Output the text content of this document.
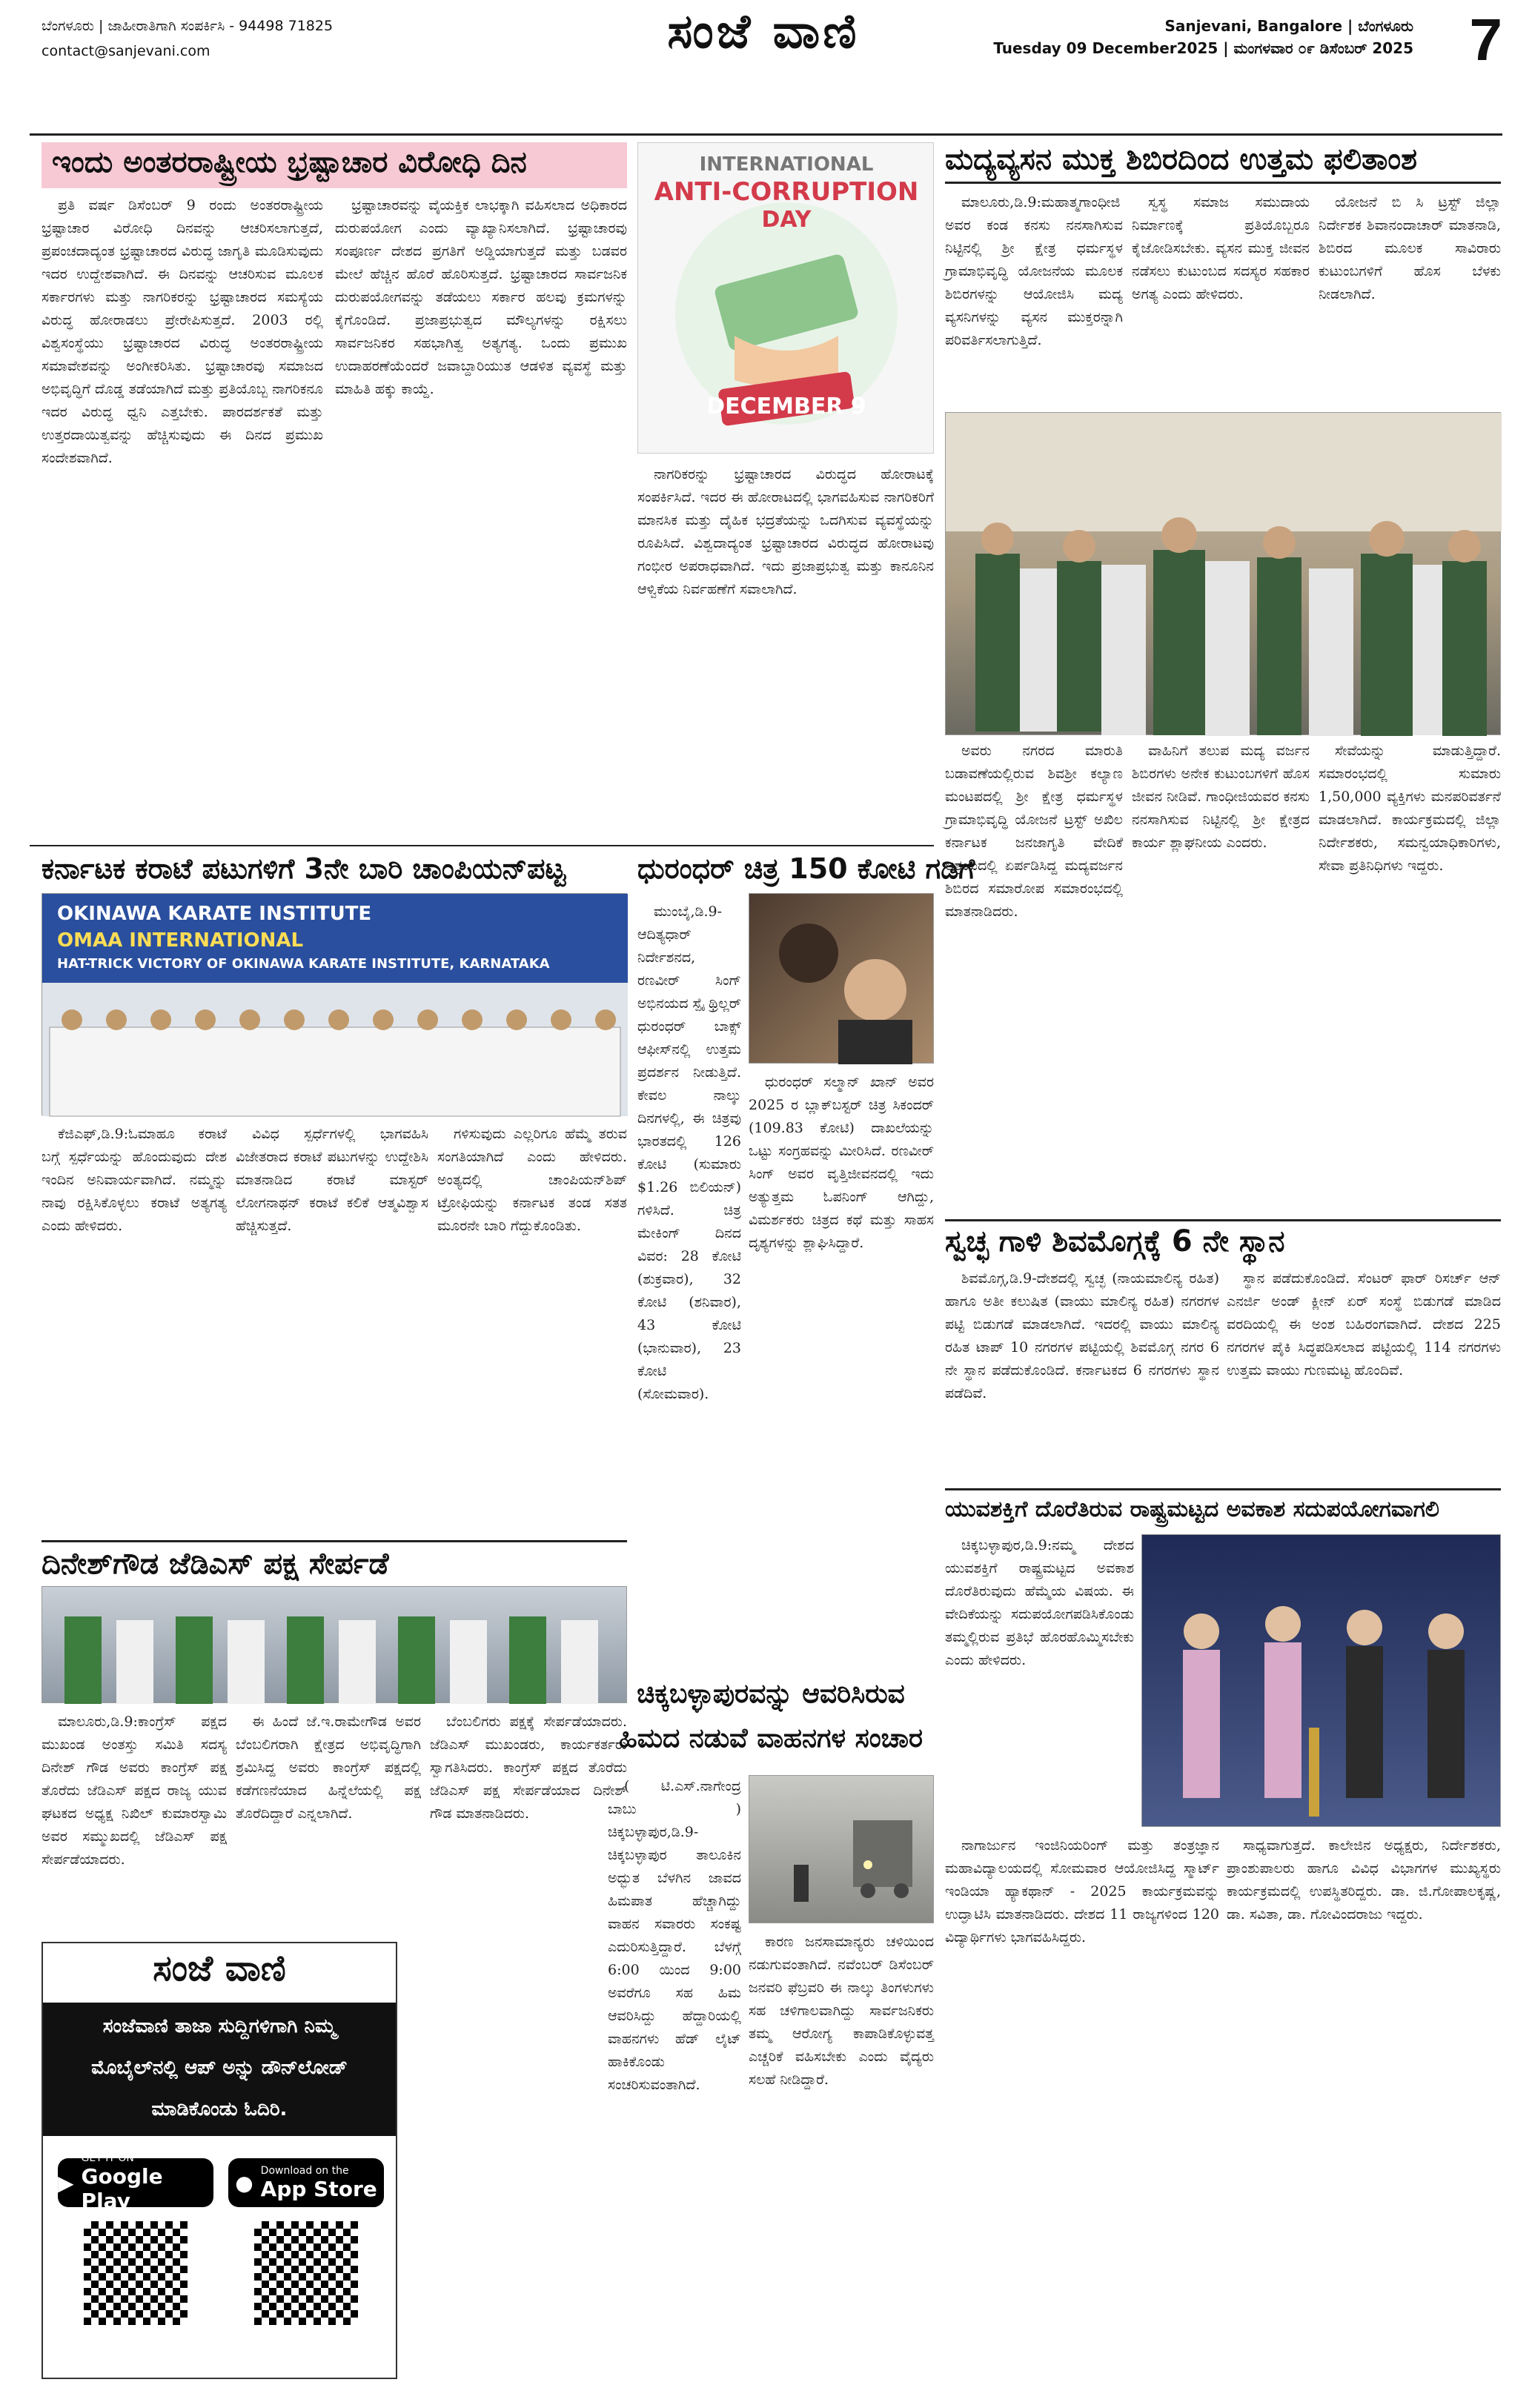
ಬೆಂಗಳೂರು | ಜಾಹೀರಾತಿಗಾಗಿ ಸಂಪರ್ಕಿಸಿ - 94498 71825
contact@sanjevani.com	ಸಂಜೆ ವಾಣಿ	Sanjevani, Bangalore | ಬೆಂಗಳೂರು
Tuesday 09 December2025 | ಮಂಗಳವಾರ ೦೯ ಡಿಸೆಂಬರ್ 2025 7
ಇಂದು ಅಂತರರಾಷ್ಟ್ರೀಯ ಭ್ರಷ್ಟಾಚಾರ ವಿರೋಧಿ ದಿನ	INTERNATIONAL
ANTI-CORRUPTION
DAY
DECEMBER 9

ಪ್ರತಿ ವರ್ಷ ಡಿಸೆಂಬರ್ 9 ರಂದು ಅಂತರರಾಷ್ಟ್ರೀಯ ಭ್ರಷ್ಟಾಚಾರ ವಿರೋಧಿ ದಿನವನ್ನು ಆಚರಿಸಲಾಗುತ್ತದೆ, ಪ್ರಪಂಚದಾದ್ಯಂತ ಭ್ರಷ್ಟಾಚಾರದ ವಿರುದ್ಧ ಜಾಗೃತಿ ಮೂಡಿಸುವುದು ಇದರ ಉದ್ದೇಶವಾಗಿದೆ. ಈ ದಿನವನ್ನು ಆಚರಿಸುವ ಮೂಲಕ ಸರ್ಕಾರಗಳು ಮತ್ತು ನಾಗರಿಕರನ್ನು ಭ್ರಷ್ಟಾಚಾರದ ಸಮಸ್ಯೆಯ ವಿರುದ್ಧ ಹೋರಾಡಲು ಪ್ರೇರೇಪಿಸುತ್ತದೆ. 2003 ರಲ್ಲಿ ವಿಶ್ವಸಂಸ್ಥೆಯು ಭ್ರಷ್ಟಾಚಾರದ ವಿರುದ್ಧ ಅಂತರರಾಷ್ಟ್ರೀಯ ಸಮಾವೇಶವನ್ನು ಅಂಗೀಕರಿಸಿತು. ಭ್ರಷ್ಟಾಚಾರವು ಸಮಾಜದ ಅಭಿವೃದ್ಧಿಗೆ ದೊಡ್ಡ ತಡೆಯಾಗಿದೆ ಮತ್ತು ಪ್ರತಿಯೊಬ್ಬ ನಾಗರಿಕನೂ ಇದರ ವಿರುದ್ಧ ಧ್ವನಿ ಎತ್ತಬೇಕು. ಪಾರದರ್ಶಕತೆ ಮತ್ತು ಉತ್ತರದಾಯಿತ್ವವನ್ನು ಹೆಚ್ಚಿಸುವುದು ಈ ದಿನದ ಪ್ರಮುಖ ಸಂದೇಶವಾಗಿದೆ.

ಭ್ರಷ್ಟಾಚಾರವನ್ನು ವೈಯಕ್ತಿಕ ಲಾಭಕ್ಕಾಗಿ ವಹಿಸಲಾದ ಅಧಿಕಾರದ ದುರುಪಯೋಗ ಎಂದು ವ್ಯಾಖ್ಯಾನಿಸಲಾಗಿದೆ. ಭ್ರಷ್ಟಾಚಾರವು ಸಂಪೂರ್ಣ ದೇಶದ ಪ್ರಗತಿಗೆ ಅಡ್ಡಿಯಾಗುತ್ತದೆ ಮತ್ತು ಬಡವರ ಮೇಲೆ ಹೆಚ್ಚಿನ ಹೊರೆ ಹೊರಿಸುತ್ತದೆ. ಭ್ರಷ್ಟಾಚಾರದ ಸಾರ್ವಜನಿಕ ದುರುಪಯೋಗವನ್ನು ತಡೆಯಲು ಸರ್ಕಾರ ಹಲವು ಕ್ರಮಗಳನ್ನು ಕೈಗೊಂಡಿದೆ. ಪ್ರಜಾಪ್ರಭುತ್ವದ ಮೌಲ್ಯಗಳನ್ನು ರಕ್ಷಿಸಲು ಸಾರ್ವಜನಿಕರ ಸಹಭಾಗಿತ್ವ ಅತ್ಯಗತ್ಯ. ಒಂದು ಪ್ರಮುಖ ಉದಾಹರಣೆಯೆಂದರೆ ಜವಾಬ್ದಾರಿಯುತ ಆಡಳಿತ ವ್ಯವಸ್ಥೆ ಮತ್ತು ಮಾಹಿತಿ ಹಕ್ಕು ಕಾಯ್ದೆ.

ನಾಗರಿಕರನ್ನು ಭ್ರಷ್ಟಾಚಾರದ ವಿರುದ್ಧದ ಹೋರಾಟಕ್ಕೆ ಸಂಪರ್ಕಿಸಿದೆ. ಇದರ ಈ ಹೋರಾಟದಲ್ಲಿ ಭಾಗವಹಿಸುವ ನಾಗರಿಕರಿಗೆ ಮಾನಸಿಕ ಮತ್ತು ದೈಹಿಕ ಭದ್ರತೆಯನ್ನು ಒದಗಿಸುವ ವ್ಯವಸ್ಥೆಯನ್ನು ರೂಪಿಸಿದೆ. ವಿಶ್ವದಾದ್ಯಂತ ಭ್ರಷ್ಟಾಚಾರದ ವಿರುದ್ಧದ ಹೋರಾಟವು ಗಂಭೀರ ಅಪರಾಧವಾಗಿದೆ. ಇದು ಪ್ರಜಾಪ್ರಭುತ್ವ ಮತ್ತು ಕಾನೂನಿನ ಆಳ್ವಿಕೆಯ ನಿರ್ವಹಣೆಗೆ ಸವಾಲಾಗಿದೆ.

ಮದ್ಯವ್ಯಸನ ಮುಕ್ತ ಶಿಬಿರದಿಂದ ಉತ್ತಮ ಫಲಿತಾಂಶ

ಮಾಲೂರು,ಡಿ.9:ಮಹಾತ್ಮಗಾಂಧೀಜಿ ಅವರ ಕಂಡ ಕನಸು ನನಸಾಗಿಸುವ ನಿಟ್ಟಿನಲ್ಲಿ ಶ್ರೀ ಕ್ಷೇತ್ರ ಧರ್ಮಸ್ಥಳ ಗ್ರಾಮಾಭಿವೃದ್ಧಿ ಯೋಜನೆಯ ಮೂಲಕ ಶಿಬಿರಗಳನ್ನು ಆಯೋಜಿಸಿ ಮದ್ಯ ವ್ಯಸನಿಗಳನ್ನು ವ್ಯಸನ ಮುಕ್ತರನ್ನಾಗಿ ಪರಿವರ್ತಿಸಲಾಗುತ್ತಿದೆ.

ಸ್ವಸ್ಥ ಸಮಾಜ ಸಮುದಾಯ ನಿರ್ಮಾಣಕ್ಕೆ ಪ್ರತಿಯೊಬ್ಬರೂ ಕೈಜೋಡಿಸಬೇಕು. ವ್ಯಸನ ಮುಕ್ತ ಜೀವನ ನಡೆಸಲು ಕುಟುಂಬದ ಸದಸ್ಯರ ಸಹಕಾರ ಅಗತ್ಯ ಎಂದು ಹೇಳಿದರು.

ಯೋಜನೆ ಬಿ ಸಿ ಟ್ರಸ್ಟ್ ಜಿಲ್ಲಾ ನಿರ್ದೇಶಕ ಶಿವಾನಂದಾಚಾರ್ ಮಾತನಾಡಿ, ಶಿಬಿರದ ಮೂಲಕ ಸಾವಿರಾರು ಕುಟುಂಬಗಳಿಗೆ ಹೊಸ ಬೆಳಕು ನೀಡಲಾಗಿದೆ.

ಅವರು ನಗರದ ಮಾರುತಿ ಬಡಾವಣೆಯಲ್ಲಿರುವ ಶಿವಶ್ರೀ ಕಲ್ಯಾಣ ಮಂಟಪದಲ್ಲಿ ಶ್ರೀ ಕ್ಷೇತ್ರ ಧರ್ಮಸ್ಥಳ ಗ್ರಾಮಾಭಿವೃದ್ಧಿ ಯೋಜನೆ ಟ್ರಸ್ಟ್ ಅಖಿಲ ಕರ್ನಾಟಕ ಜನಜಾಗೃತಿ ವೇದಿಕೆ ಆಶ್ರಯದಲ್ಲಿ ಏರ್ಪಡಿಸಿದ್ದ ಮದ್ಯವರ್ಜನ ಶಿಬಿರದ ಸಮಾರೋಪ ಸಮಾರಂಭದಲ್ಲಿ ಮಾತನಾಡಿದರು.

ವಾಹಿನಿಗೆ ತಲುಪ ಮದ್ಯ ವರ್ಜನ ಶಿಬಿರಗಳು ಅನೇಕ ಕುಟುಂಬಗಳಿಗೆ ಹೊಸ ಜೀವನ ನೀಡಿವೆ. ಗಾಂಧೀಜಿಯವರ ಕನಸು ನನಸಾಗಿಸುವ ನಿಟ್ಟಿನಲ್ಲಿ ಶ್ರೀ ಕ್ಷೇತ್ರದ ಕಾರ್ಯ ಶ್ಲಾಘನೀಯ ಎಂದರು.

ಸೇವೆಯನ್ನು ಮಾಡುತ್ತಿದ್ದಾರೆ. ಸಮಾರಂಭದಲ್ಲಿ ಸುಮಾರು 1,50,000 ವ್ಯಕ್ತಿಗಳು ಮನಪರಿವರ್ತನೆ ಮಾಡಲಾಗಿದೆ. ಕಾರ್ಯಕ್ರಮದಲ್ಲಿ ಜಿಲ್ಲಾ ನಿರ್ದೇಶಕರು, ಸಮನ್ವಯಾಧಿಕಾರಿಗಳು, ಸೇವಾ ಪ್ರತಿನಿಧಿಗಳು ಇದ್ದರು.

ಕರ್ನಾಟಕ ಕರಾಟೆ ಪಟುಗಳಿಗೆ 3ನೇ ಬಾರಿ ಚಾಂಪಿಯನ್‌ಪಟ್ಟ
OKINAWA KARATE INSTITUTE
OMAA INTERNATIONAL
HAT-TRICK VICTORY OF OKINAWA KARATE INSTITUTE, KARNATAKA

ಕೆಜಿಎಫ್,ಡಿ.9:ಓಮಾಹೂ ಕರಾಟೆ ಬಗ್ಗೆ ಸ್ಪರ್ಧೆಯನ್ನು ಹೊಂದುವುದು ದೇಶ ಇಂದಿನ ಅನಿವಾರ್ಯವಾಗಿದೆ. ನಮ್ಮನ್ನು ನಾವು ರಕ್ಷಿಸಿಕೊಳ್ಳಲು ಕರಾಟೆ ಅತ್ಯಗತ್ಯ ಎಂದು ಹೇಳಿದರು.

ವಿವಿಧ ಸ್ಪರ್ಧೆಗಳಲ್ಲಿ ಭಾಗವಹಿಸಿ ವಿಜೇತರಾದ ಕರಾಟೆ ಪಟುಗಳನ್ನು ಉದ್ದೇಶಿಸಿ ಮಾತನಾಡಿದ ಕರಾಟೆ ಮಾಸ್ಟರ್ ಲೋಗನಾಥನ್ ಕರಾಟೆ ಕಲಿಕೆ ಆತ್ಮವಿಶ್ವಾಸ ಹೆಚ್ಚಿಸುತ್ತದೆ.

ಗಳಿಸುವುದು ಎಲ್ಲರಿಗೂ ಹೆಮ್ಮೆ ತರುವ ಸಂಗತಿಯಾಗಿದೆ ಎಂದು ಹೇಳಿದರು. ಅಂತ್ಯದಲ್ಲಿ ಚಾಂಪಿಯನ್‌ಶಿಪ್ ಟ್ರೋಫಿಯನ್ನು ಕರ್ನಾಟಕ ತಂಡ ಸತತ ಮೂರನೇ ಬಾರಿ ಗೆದ್ದುಕೊಂಡಿತು.

ಧುರಂಧರ್ ಚಿತ್ರ 150 ಕೋಟಿ ಗಡಿಗೆ

ಮುಂಬೈ,ಡಿ.9-ಆದಿತ್ಯಧಾರ್ ನಿರ್ದೇಶನದ, ರಣವೀರ್ ಸಿಂಗ್ ಅಭಿನಯದ ಸ್ಪೈ ಥ್ರಿಲ್ಲರ್ ಧುರಂಧರ್ ಬಾಕ್ಸ್ ಆಫೀಸ್‌ನಲ್ಲಿ ಉತ್ತಮ ಪ್ರದರ್ಶನ ನೀಡುತ್ತಿದೆ. ಕೇವಲ ನಾಲ್ಕು ದಿನಗಳಲ್ಲಿ, ಈ ಚಿತ್ರವು ಭಾರತದಲ್ಲಿ 126 ಕೋಟಿ (ಸುಮಾರು $1.26 ಬಿಲಿಯನ್) ಗಳಿಸಿದೆ. ಚಿತ್ರ ಮೇಕಿಂಗ್ ದಿನದ ವಿವರ: 28 ಕೋಟಿ (ಶುಕ್ರವಾರ), 32 ಕೋಟಿ (ಶನಿವಾರ), 43 ಕೋಟಿ (ಭಾನುವಾರ), 23 ಕೋಟಿ (ಸೋಮವಾರ).

ಧುರಂಧರ್ ಸಲ್ಮಾನ್ ಖಾನ್ ಅವರ 2025 ರ ಬ್ಲಾಕ್‌ಬಸ್ಟರ್ ಚಿತ್ರ ಸಿಕಂದರ್ (109.83 ಕೋಟಿ) ದಾಖಲೆಯನ್ನು ಒಟ್ಟು ಸಂಗ್ರಹವನ್ನು ಮೀರಿಸಿದೆ. ರಣವೀರ್ ಸಿಂಗ್ ಅವರ ವೃತ್ತಿಜೀವನದಲ್ಲಿ ಇದು ಅತ್ಯುತ್ತಮ ಓಪನಿಂಗ್ ಆಗಿದ್ದು, ವಿಮರ್ಶಕರು ಚಿತ್ರದ ಕಥೆ ಮತ್ತು ಸಾಹಸ ದೃಶ್ಯಗಳನ್ನು ಶ್ಲಾಘಿಸಿದ್ದಾರೆ.	ಸ್ವಚ್ಛ ಗಾಳಿ ಶಿವಮೊಗ್ಗಕ್ಕೆ 6 ನೇ ಸ್ಥಾನ

ಶಿವಮೊಗ್ಗ,ಡಿ.9-ದೇಶದಲ್ಲಿ ಸ್ವಚ್ಛ (ನಾಯಮಾಲಿನ್ಯ ರಹಿತ) ಹಾಗೂ ಅತೀ ಕಲುಷಿತ (ವಾಯು ಮಾಲಿನ್ಯ ರಹಿತ) ನಗರಗಳ ಪಟ್ಟಿ ಬಿಡುಗಡೆ ಮಾಡಲಾಗಿದೆ. ಇದರಲ್ಲಿ ವಾಯು ಮಾಲಿನ್ಯ ರಹಿತ ಟಾಪ್ 10 ನಗರಗಳ ಪಟ್ಟಿಯಲ್ಲಿ ಶಿವಮೊಗ್ಗ ನಗರ 6 ನೇ ಸ್ಥಾನ ಪಡೆದುಕೊಂಡಿದೆ. ಕರ್ನಾಟಕದ 6 ನಗರಗಳು ಸ್ಥಾನ ಪಡೆದಿವೆ.

ಸ್ಥಾನ ಪಡೆದುಕೊಂಡಿದೆ. ಸೆಂಟರ್ ಫಾರ್ ರಿಸರ್ಚ್ ಆನ್ ಎನರ್ಜಿ ಅಂಡ್ ಕ್ಲೀನ್ ಏರ್ ಸಂಸ್ಥೆ ಬಿಡುಗಡೆ ಮಾಡಿದ ವರದಿಯಲ್ಲಿ ಈ ಅಂಶ ಬಹಿರಂಗವಾಗಿದೆ. ದೇಶದ 225 ನಗರಗಳ ಪೈಕಿ ಸಿದ್ಧಪಡಿಸಲಾದ ಪಟ್ಟಿಯಲ್ಲಿ 114 ನಗರಗಳು ಉತ್ತಮ ವಾಯು ಗುಣಮಟ್ಟ ಹೊಂದಿವೆ.

ಯುವಶಕ್ತಿಗೆ ದೊರೆತಿರುವ ರಾಷ್ಟ್ರಮಟ್ಟದ ಅವಕಾಶ ಸದುಪಯೋಗವಾಗಲಿ

ಚಿಕ್ಕಬಳ್ಳಾಪುರ,ಡಿ.9:ನಮ್ಮ ದೇಶದ ಯುವಶಕ್ತಿಗೆ ರಾಷ್ಟ್ರಮಟ್ಟದ ಅವಕಾಶ ದೊರೆತಿರುವುದು ಹೆಮ್ಮೆಯ ವಿಷಯ. ಈ ವೇದಿಕೆಯನ್ನು ಸದುಪಯೋಗಪಡಿಸಿಕೊಂಡು ತಮ್ಮಲ್ಲಿರುವ ಪ್ರತಿಭೆ ಹೊರಹೊಮ್ಮಿಸಬೇಕು ಎಂದು ಹೇಳಿದರು.

ನಾಗಾರ್ಜುನ ಇಂಜಿನಿಯರಿಂಗ್ ಮತ್ತು ತಂತ್ರಜ್ಞಾನ ಮಹಾವಿದ್ಯಾಲಯದಲ್ಲಿ ಸೋಮವಾರ ಆಯೋಜಿಸಿದ್ದ ಸ್ಮಾರ್ಟ್ ಇಂಡಿಯಾ ಹ್ಯಾಕಥಾನ್ - 2025 ಕಾರ್ಯಕ್ರಮವನ್ನು ಉದ್ಘಾಟಿಸಿ ಮಾತನಾಡಿದರು. ದೇಶದ 11 ರಾಜ್ಯಗಳಿಂದ 120 ವಿದ್ಯಾರ್ಥಿಗಳು ಭಾಗವಹಿಸಿದ್ದರು.

ಸಾಧ್ಯವಾಗುತ್ತದೆ. ಕಾಲೇಜಿನ ಅಧ್ಯಕ್ಷರು, ನಿರ್ದೇಶಕರು, ಪ್ರಾಂಶುಪಾಲರು ಹಾಗೂ ವಿವಿಧ ವಿಭಾಗಗಳ ಮುಖ್ಯಸ್ಥರು ಕಾರ್ಯಕ್ರಮದಲ್ಲಿ ಉಪಸ್ಥಿತರಿದ್ದರು. ಡಾ. ಜಿ.ಗೋಪಾಲಕೃಷ್ಣ, ಡಾ. ಸವಿತಾ, ಡಾ. ಗೋವಿಂದರಾಜು ಇದ್ದರು.

ದಿನೇಶ್‌ಗೌಡ ಜೆಡಿಎಸ್ ಪಕ್ಷ ಸೇರ್ಪಡೆ

ಮಾಲೂರು,ಡಿ.9:ಕಾಂಗ್ರೆಸ್ ಪಕ್ಷದ ಮುಖಂಡ ಅಂತಸ್ತು ಸಮಿತಿ ಸದಸ್ಯ ದಿನೇಶ್ ಗೌಡ ಅವರು ಕಾಂಗ್ರೆಸ್ ಪಕ್ಷ ತೊರೆದು ಜೆಡಿಎಸ್ ಪಕ್ಷದ ರಾಜ್ಯ ಯುವ ಘಟಕದ ಅಧ್ಯಕ್ಷ ನಿಖಿಲ್ ಕುಮಾರಸ್ವಾಮಿ ಅವರ ಸಮ್ಮುಖದಲ್ಲಿ ಜೆಡಿಎಸ್ ಪಕ್ಷ ಸೇರ್ಪಡೆಯಾದರು.

ಈ ಹಿಂದೆ ಜೆ.ಇ.ರಾಮೇಗೌಡ ಅವರ ಬೆಂಬಲಿಗರಾಗಿ ಕ್ಷೇತ್ರದ ಅಭಿವೃದ್ಧಿಗಾಗಿ ಶ್ರಮಿಸಿದ್ದ ಅವರು ಕಾಂಗ್ರೆಸ್ ಪಕ್ಷದಲ್ಲಿ ಕಡೆಗಣನೆಯಾದ ಹಿನ್ನೆಲೆಯಲ್ಲಿ ಪಕ್ಷ ತೊರೆದಿದ್ದಾರೆ ಎನ್ನಲಾಗಿದೆ.

ಬೆಂಬಲಿಗರು ಪಕ್ಷಕ್ಕೆ ಸೇರ್ಪಡೆಯಾದರು. ಜೆಡಿಎಸ್ ಮುಖಂಡರು, ಕಾರ್ಯಕರ್ತರು ಸ್ವಾಗತಿಸಿದರು. ಕಾಂಗ್ರೆಸ್ ಪಕ್ಷದ ತೊರೆದು ಜೆಡಿಎಸ್ ಪಕ್ಷ ಸೇರ್ಪಡೆಯಾದ ದಿನೇಶ್ ಗೌಡ ಮಾತನಾಡಿದರು.

ಚಿಕ್ಕಬಳ್ಳಾಪುರವನ್ನು ಆವರಿಸಿರುವ
ಹಿಮದ ನಡುವೆ ವಾಹನಗಳ ಸಂಚಾರ

( ಟಿ.ಎಸ್.ನಾಗೇಂದ್ರ ಬಾಬು ) ಚಿಕ್ಕಬಳ್ಳಾಪುರ,ಡಿ.9-ಚಿಕ್ಕಬಳ್ಳಾಪುರ ತಾಲೂಕಿನ ಅದ್ಭುತ ಬೆಳಗಿನ ಜಾವದ ಹಿಮಪಾತ ಹೆಚ್ಚಾಗಿದ್ದು ವಾಹನ ಸವಾರರು ಸಂಕಷ್ಟ ಎದುರಿಸುತ್ತಿದ್ದಾರೆ. ಬೆಳಗ್ಗೆ 6:00 ಯಿಂದ 9:00 ಅವರೆಗೂ ಸಹ ಹಿಮ ಆವರಿಸಿದ್ದು ಹೆದ್ದಾರಿಯಲ್ಲಿ ವಾಹನಗಳು ಹೆಡ್ ಲೈಟ್ ಹಾಕಿಕೊಂಡು ಸಂಚರಿಸುವಂತಾಗಿದೆ.

ಕಾರಣ ಜನಸಾಮಾನ್ಯರು ಚಳಿಯಿಂದ ನಡುಗುವಂತಾಗಿದೆ. ನವೆಂಬರ್ ಡಿಸೆಂಬರ್ ಜನವರಿ ಫೆಬ್ರವರಿ ಈ ನಾಲ್ಕು ತಿಂಗಳುಗಳು ಸಹ ಚಳಿಗಾಲವಾಗಿದ್ದು ಸಾರ್ವಜನಿಕರು ತಮ್ಮ ಆರೋಗ್ಯ ಕಾಪಾಡಿಕೊಳ್ಳುವತ್ತ ಎಚ್ಚರಿಕೆ ವಹಿಸಬೇಕು ಎಂದು ವೈದ್ಯರು ಸಲಹೆ ನೀಡಿದ್ದಾರೆ.

ಸಂಜೆ ವಾಣಿ
ಸಂಜೆವಾಣಿ ತಾಜಾ ಸುದ್ದಿಗಳಿಗಾಗಿ ನಿಮ್ಮ
ಮೊಬೈಲ್‌ನಲ್ಲಿ ಆಪ್ ಅನ್ನು ಡೌನ್‌ಲೋಡ್
ಮಾಡಿಕೊಂಡು ಓದಿರಿ.
▶
GET IT ON
Google Play
● Download on the
App Store
